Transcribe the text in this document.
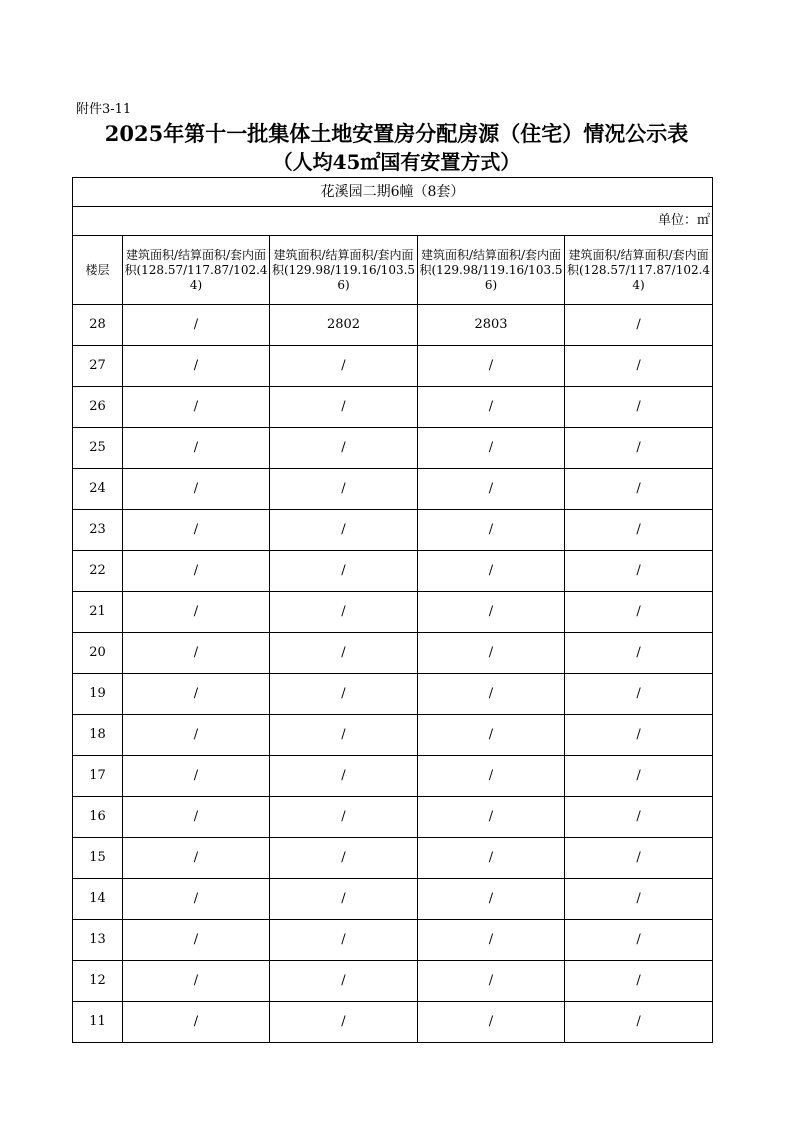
附件3-11
2025年第十一批集体土地安置房分配房源（住宅）情况公示表
（人均45㎡国有安置方式）
花溪园二期6幢（8套）				
单位：㎡				
楼层	建筑面积/结算面积/套内面积(128.57/117.87/102.44)	建筑面积/结算面积/套内面积(129.98/119.16/103.56)	建筑面积/结算面积/套内面积(129.98/119.16/103.56)	建筑面积/结算面积/套内面积(128.57/117.87/102.44)
28	/	2802	2803	/
27	/	/	/	/
26	/	/	/	/
25	/	/	/	/
24	/	/	/	/
23	/	/	/	/
22	/	/	/	/
21	/	/	/	/
20	/	/	/	/
19	/	/	/	/
18	/	/	/	/
17	/	/	/	/
16	/	/	/	/
15	/	/	/	/
14	/	/	/	/
13	/	/	/	/
12	/	/	/	/
11	/	/	/	/
